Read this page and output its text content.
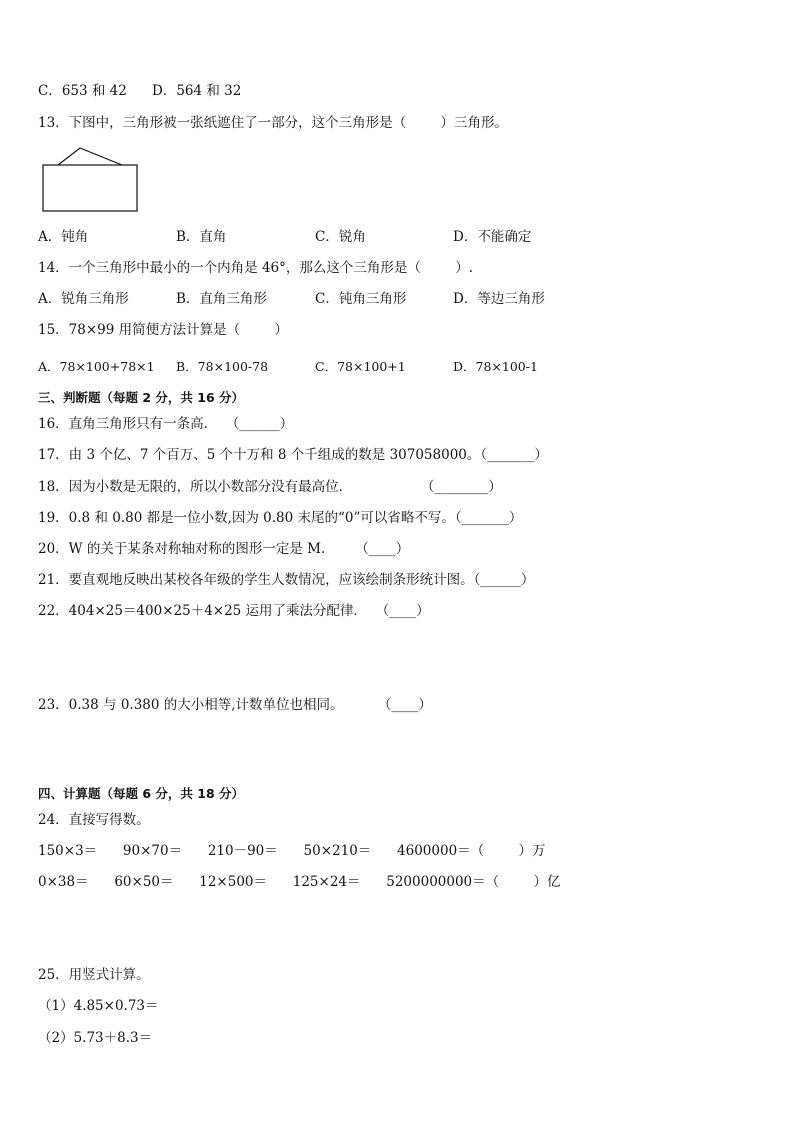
C．653 和 42 D．564 和 32
13．下图中，三角形被一张纸遮住了一部分，这个三角形是（        ）三角形。
A．钝角	B．直角	C．锐角	D．不能确定
14．一个三角形中最小的一个内角是 46°，那么这个三角形是（        ）.
A．锐角三角形	B．直角三角形	C．钝角三角形	D．等边三角形
15．78×99 用简便方法计算是（        ）
A．78×100+78×1 B．78×100-78	C．78×100+1	D．78×100-1
三、判断题（每题 2 分，共 16 分）
16．直角三角形只有一条高．  （______）
17．由 3 个亿、7 个百万、5 个十万和 8 个千组成的数是 307058000。（_______）
18．因为小数是无限的，所以小数部分没有最高位．                （________）
19．0.8 和 0.80 都是一位小数,因为 0.80 末尾的“0”可以省略不写。（_______）
20．W 的关于某条对称轴对称的图形一定是 M.       （____）
21．要直观地反映出某校各年级的学生人数情况，应该绘制条形统计图。（______）
22．404×25＝400×25＋4×25 运用了乘法分配律．  （____）
23．0.38 与 0.380 的大小相等,计数单位也相同。        （____）
四、计算题（每题 6 分，共 18 分）
24．直接写得数。
150×3＝      90×70＝      210－90＝      50×210＝      4600000＝（        ）万
0×38＝      60×50＝      12×500＝      125×24＝      5200000000＝（        ）亿
25．用竖式计算。
（1）4.85×0.73＝
（2）5.73＋8.3＝
